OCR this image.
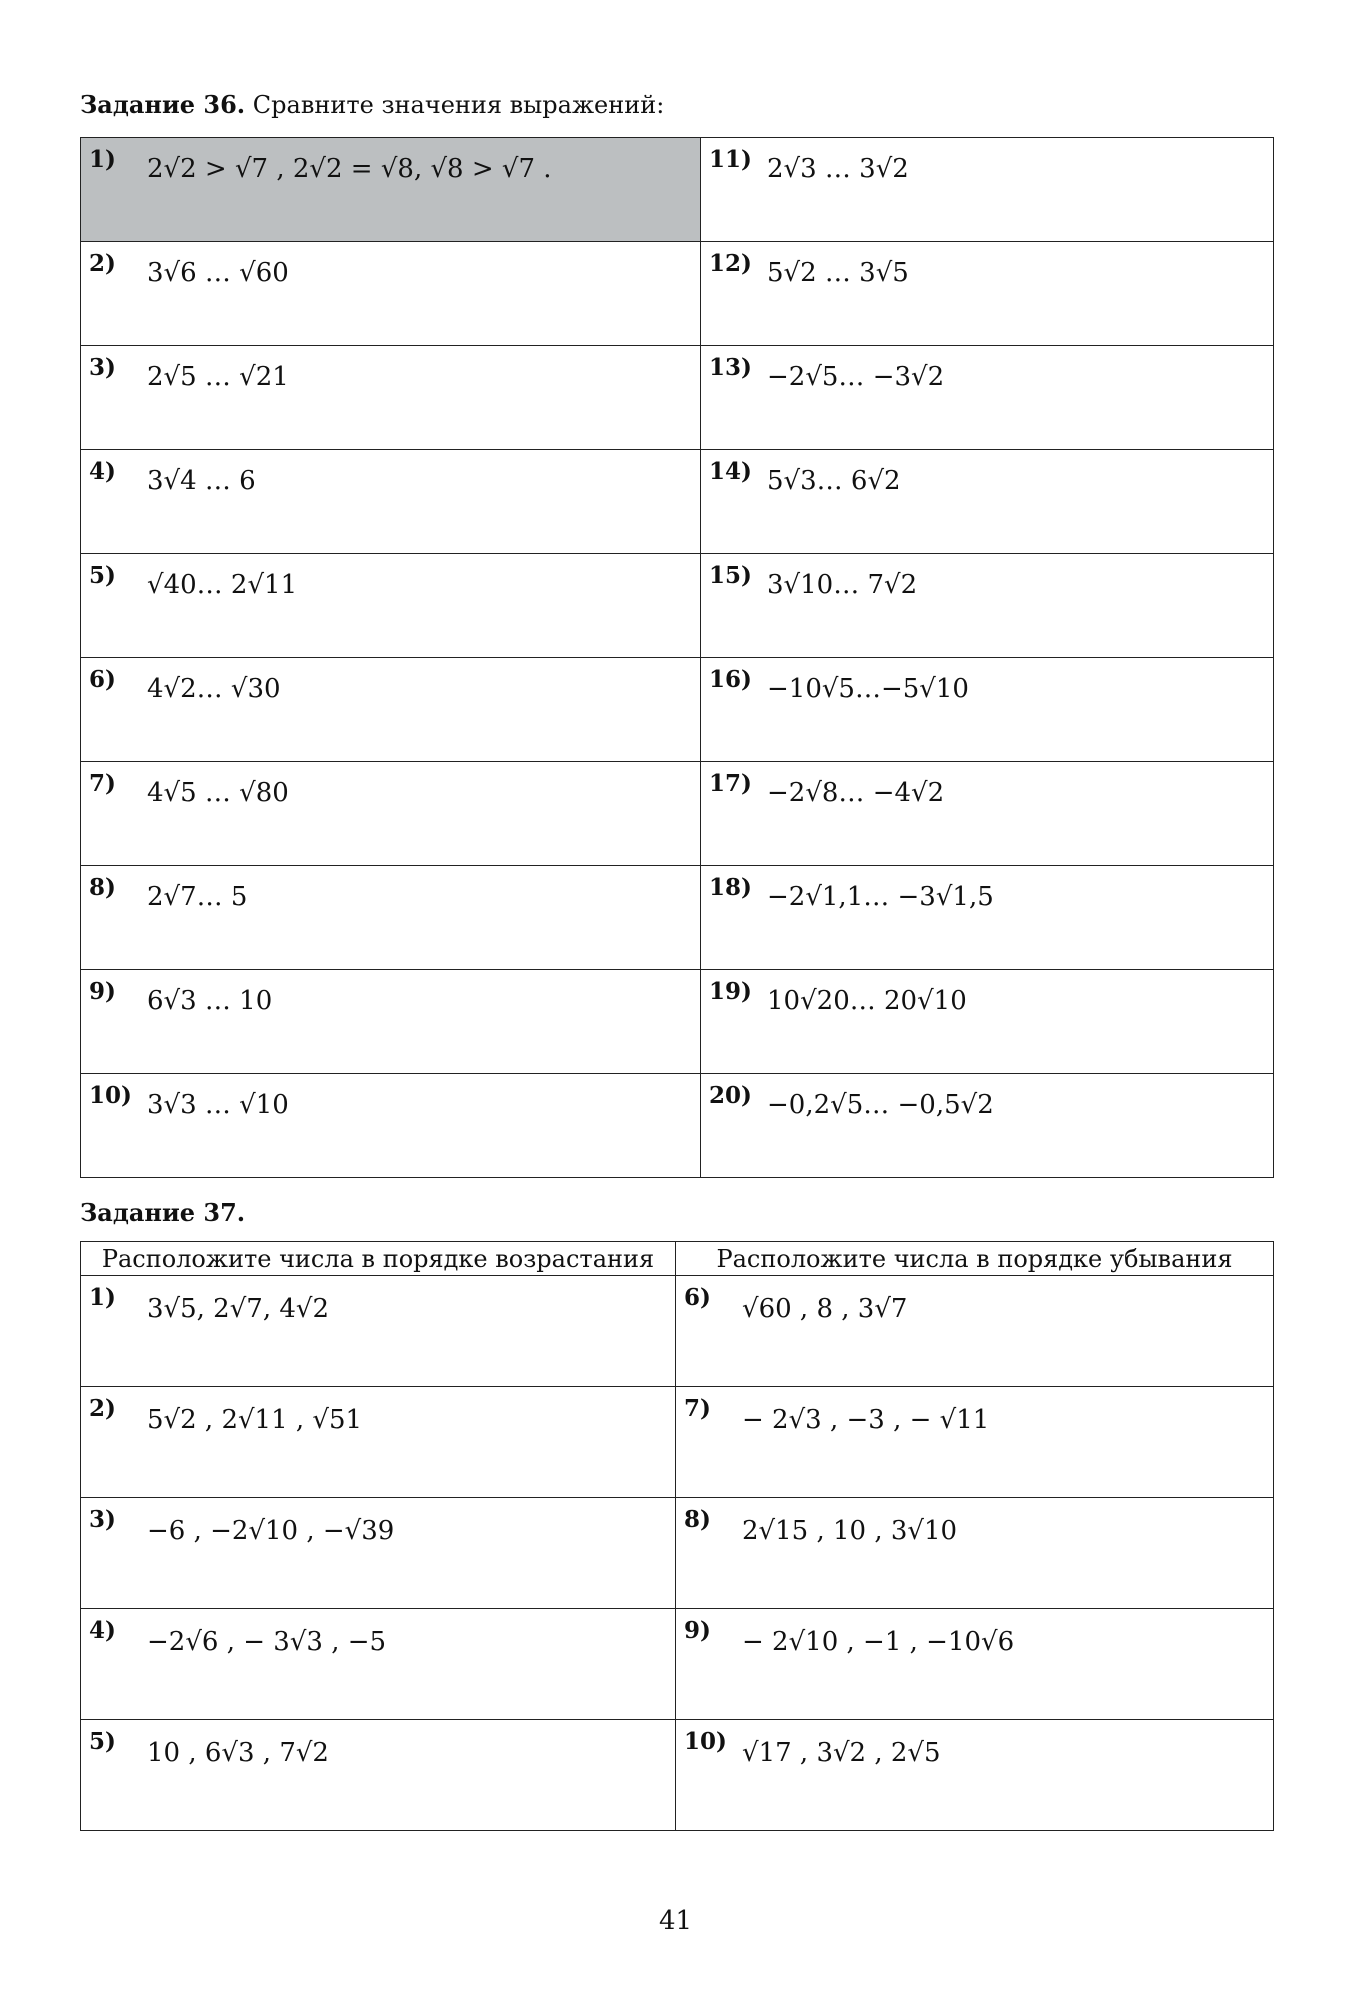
Задание 36. Сравните значения выражений:
1) 2√2 > √7 , 2√2 = √8, √8 > √7 .	11) 2√3 … 3√2

2) 3√6 … √60	12) 5√2 … 3√5

3) 2√5 … √21	13) −2√5… −3√2

4) 3√4 … 6	14) 5√3… 6√2

5) √40… 2√11	15) 3√10… 7√2

6) 4√2… √30	16) −10√5…−5√10

7) 4√5 … √80	17) −2√8… −4√2

8) 2√7… 5	18) −2√1,1… −3√1,5

9) 6√3 … 10	19) 10√20… 20√10

10) 3√3 … √10	20) −0,2√5… −0,5√2
Задание 37.
Расположите числа в порядке возрастания	Расположите числа в порядке убывания

1) 3√5, 2√7, 4√2	6) √60 , 8 , 3√7

2) 5√2 , 2√11 , √51	7) − 2√3 , −3 , − √11

3) −6 , −2√10 , −√39	8) 2√15 , 10 , 3√10

4) −2√6 , − 3√3 , −5	9) − 2√10 , −1 , −10√6

5) 10 , 6√3 , 7√2	10) √17 , 3√2 , 2√5
41
